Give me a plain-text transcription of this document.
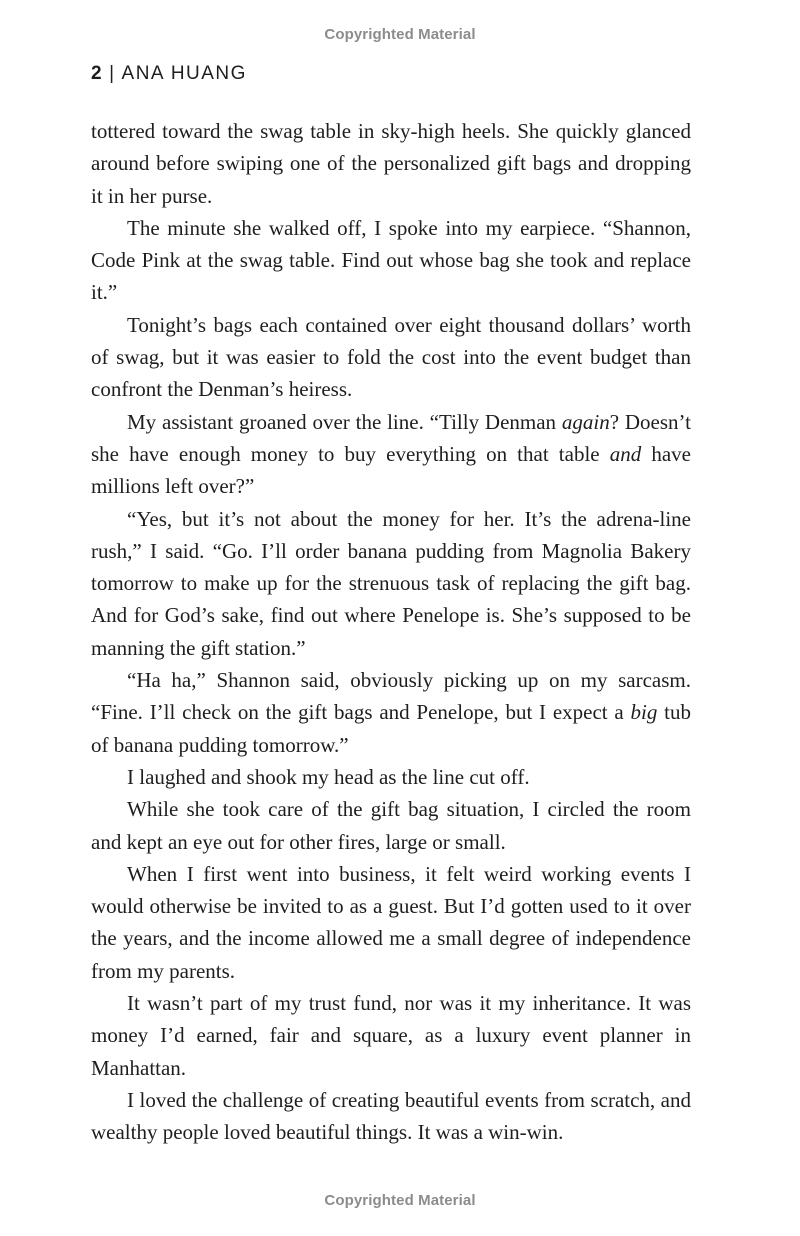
Copyrighted Material
2 | ANA HUANG

tottered toward the swag table in sky-high heels. She quickly glanced around before swiping one of the personalized gift bags and dropping it in her purse.

The minute she walked off, I spoke into my earpiece. “Shannon, Code Pink at the swag table. Find out whose bag she took and replace it.”

Tonight’s bags each contained over eight thousand dollars’ worth of swag, but it was easier to fold the cost into the event budget than confront the Denman’s heiress.

My assistant groaned over the line. “Tilly Denman again? Doesn’t she have enough money to buy everything on that table and have millions left over?”

“Yes, but it’s not about the money for her. It’s the adrena-line rush,” I said. “Go. I’ll order banana pudding from Magnolia Bakery tomorrow to make up for the strenuous task of replacing the gift bag. And for God’s sake, find out where Penelope is. She’s supposed to be manning the gift station.”

“Ha ha,” Shannon said, obviously picking up on my sarcasm. “Fine. I’ll check on the gift bags and Penelope, but I expect a big tub of banana pudding tomorrow.”

I laughed and shook my head as the line cut off.

While she took care of the gift bag situation, I circled the room and kept an eye out for other fires, large or small.

When I first went into business, it felt weird working events I would otherwise be invited to as a guest. But I’d gotten used to it over the years, and the income allowed me a small degree of independence from my parents.

It wasn’t part of my trust fund, nor was it my inheritance. It was money I’d earned, fair and square, as a luxury event planner in Manhattan.

I loved the challenge of creating beautiful events from scratch, and wealthy people loved beautiful things. It was a win-win.

Copyrighted Material
